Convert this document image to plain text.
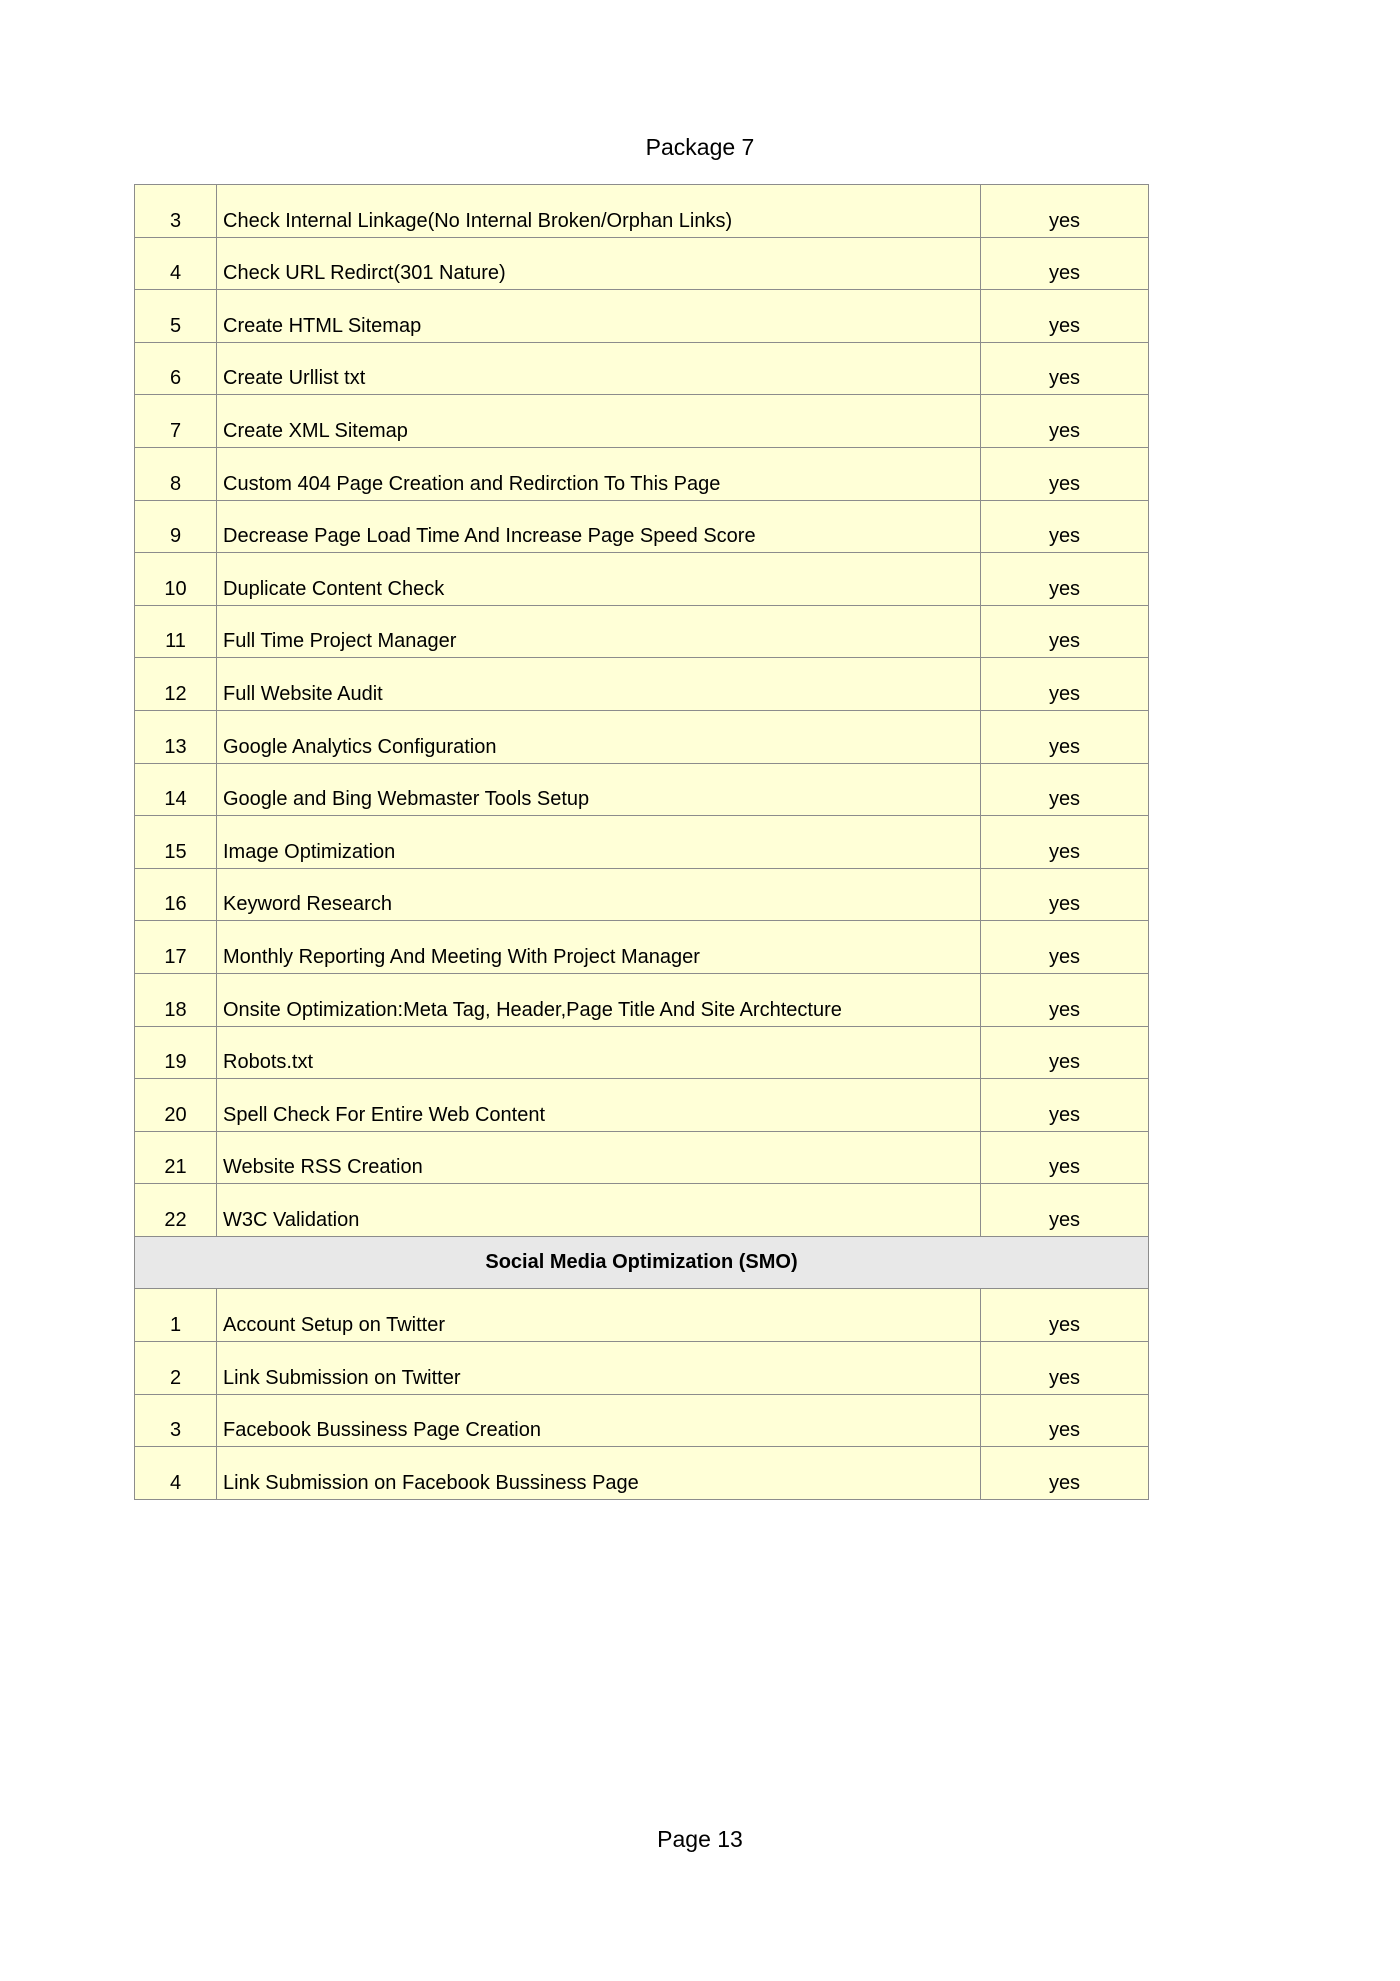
Package 7
3	Check Internal Linkage(No Internal Broken/Orphan Links)	yes
4	Check URL Redirct(301 Nature)	yes
5	Create HTML Sitemap	yes
6	Create Urllist txt	yes
7	Create XML Sitemap	yes
8	Custom 404 Page Creation and Redirction To This Page	yes
9	Decrease Page Load Time And Increase Page Speed Score	yes
10	Duplicate Content Check	yes
11	Full Time Project Manager	yes
12	Full Website Audit	yes
13	Google Analytics Configuration	yes
14	Google and Bing Webmaster Tools Setup	yes
15	Image Optimization	yes
16	Keyword Research	yes
17	Monthly Reporting And Meeting With Project Manager	yes
18	Onsite Optimization:Meta Tag, Header,Page Title And Site Archtecture	yes
19	Robots.txt	yes
20	Spell Check For Entire Web Content	yes
21	Website RSS Creation	yes
22	W3C Validation	yes
Social Media Optimization (SMO)		
1	Account Setup on Twitter	yes
2	Link Submission on Twitter	yes
3	Facebook Bussiness Page Creation	yes
4	Link Submission on Facebook Bussiness Page	yes
Page 13
